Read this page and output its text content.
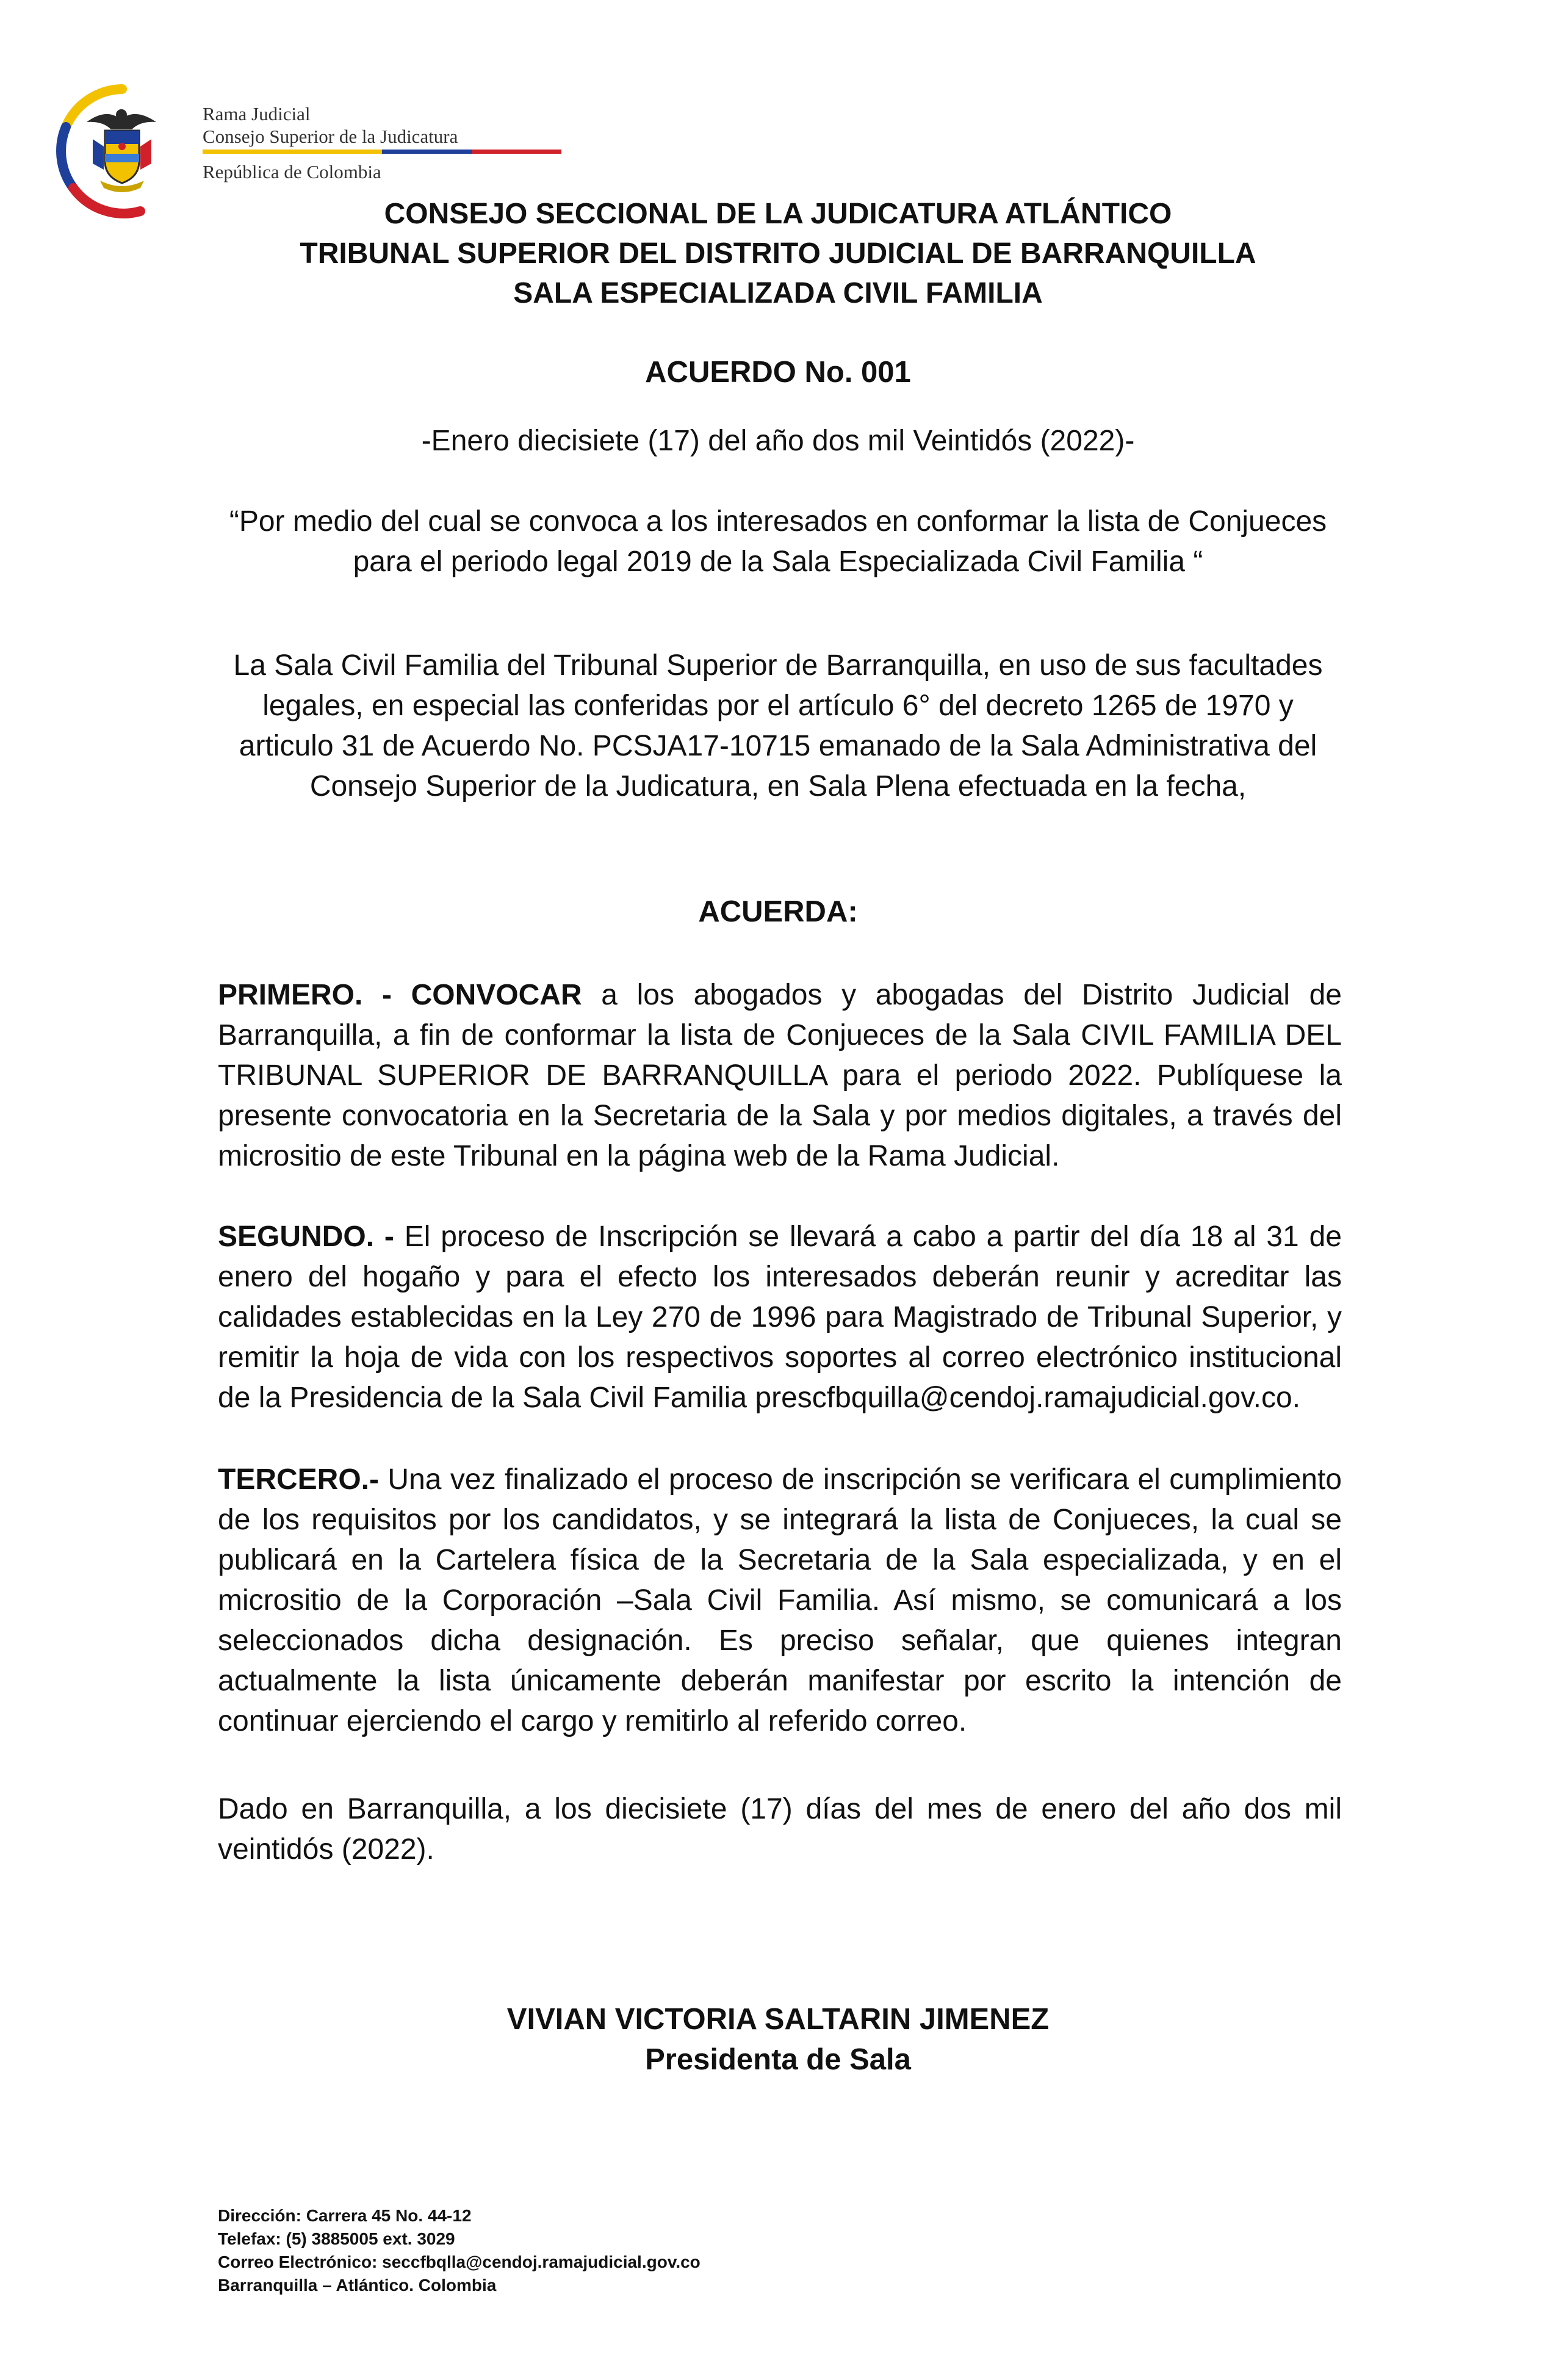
Rama Judicial
Consejo Superior de la Judicatura
República de Colombia
CONSEJO SECCIONAL DE LA JUDICATURA ATLÁNTICO
TRIBUNAL SUPERIOR DEL DISTRITO JUDICIAL DE BARRANQUILLA
SALA ESPECIALIZADA CIVIL FAMILIA
ACUERDO No. 001
-Enero diecisiete (17) del año dos mil Veintidós (2022)-
“Por medio del cual se convoca a los interesados en conformar la lista de Conjueces
para el periodo legal 2019 de la Sala Especializada Civil Familia “
La Sala Civil Familia del Tribunal Superior de Barranquilla, en uso de sus facultades
legales, en especial las conferidas por el artículo 6° del decreto 1265 de 1970 y
articulo 31 de Acuerdo No. PCSJA17-10715 emanado de la Sala Administrativa del
Consejo Superior de la Judicatura, en Sala Plena efectuada en la fecha,
ACUERDA:
PRIMERO. - CONVOCAR a los abogados y abogadas del Distrito Judicial de Barranquilla, a fin de conformar la lista de Conjueces de la Sala CIVIL FAMILIA DEL TRIBUNAL SUPERIOR DE BARRANQUILLA para el periodo 2022. Publíquese la presente convocatoria en la Secretaria de la Sala y por medios digitales, a través del micrositio de este Tribunal en la página web de la Rama Judicial.
SEGUNDO. - El proceso de Inscripción se llevará a cabo a partir del día 18 al 31 de enero del hogaño y para el efecto los interesados deberán reunir y acreditar las calidades establecidas en la Ley 270 de 1996 para Magistrado de Tribunal Superior, y remitir la hoja de vida con los respectivos soportes al correo electrónico institucional de la Presidencia de la Sala Civil Familia prescfbquilla@cendoj.ramajudicial.gov.co.
TERCERO.- Una vez finalizado el proceso de inscripción se verificara el cumplimiento de los requisitos por los candidatos, y se integrará la lista de Conjueces, la cual se publicará en la Cartelera física de la Secretaria de la Sala especializada, y en el micrositio de la Corporación –Sala Civil Familia. Así mismo, se comunicará a los seleccionados dicha designación. Es preciso señalar, que quienes integran actualmente la lista únicamente deberán manifestar por escrito la intención de continuar ejerciendo el cargo y remitirlo al referido correo.
Dado en Barranquilla, a los diecisiete (17) días del mes de enero del año dos mil veintidós (2022).
VIVIAN VICTORIA SALTARIN JIMENEZ
Presidenta de Sala
Dirección: Carrera 45 No. 44-12
Telefax: (5) 3885005 ext. 3029
Correo Electrónico: seccfbqlla@cendoj.ramajudicial.gov.co
Barranquilla – Atlántico. Colombia
